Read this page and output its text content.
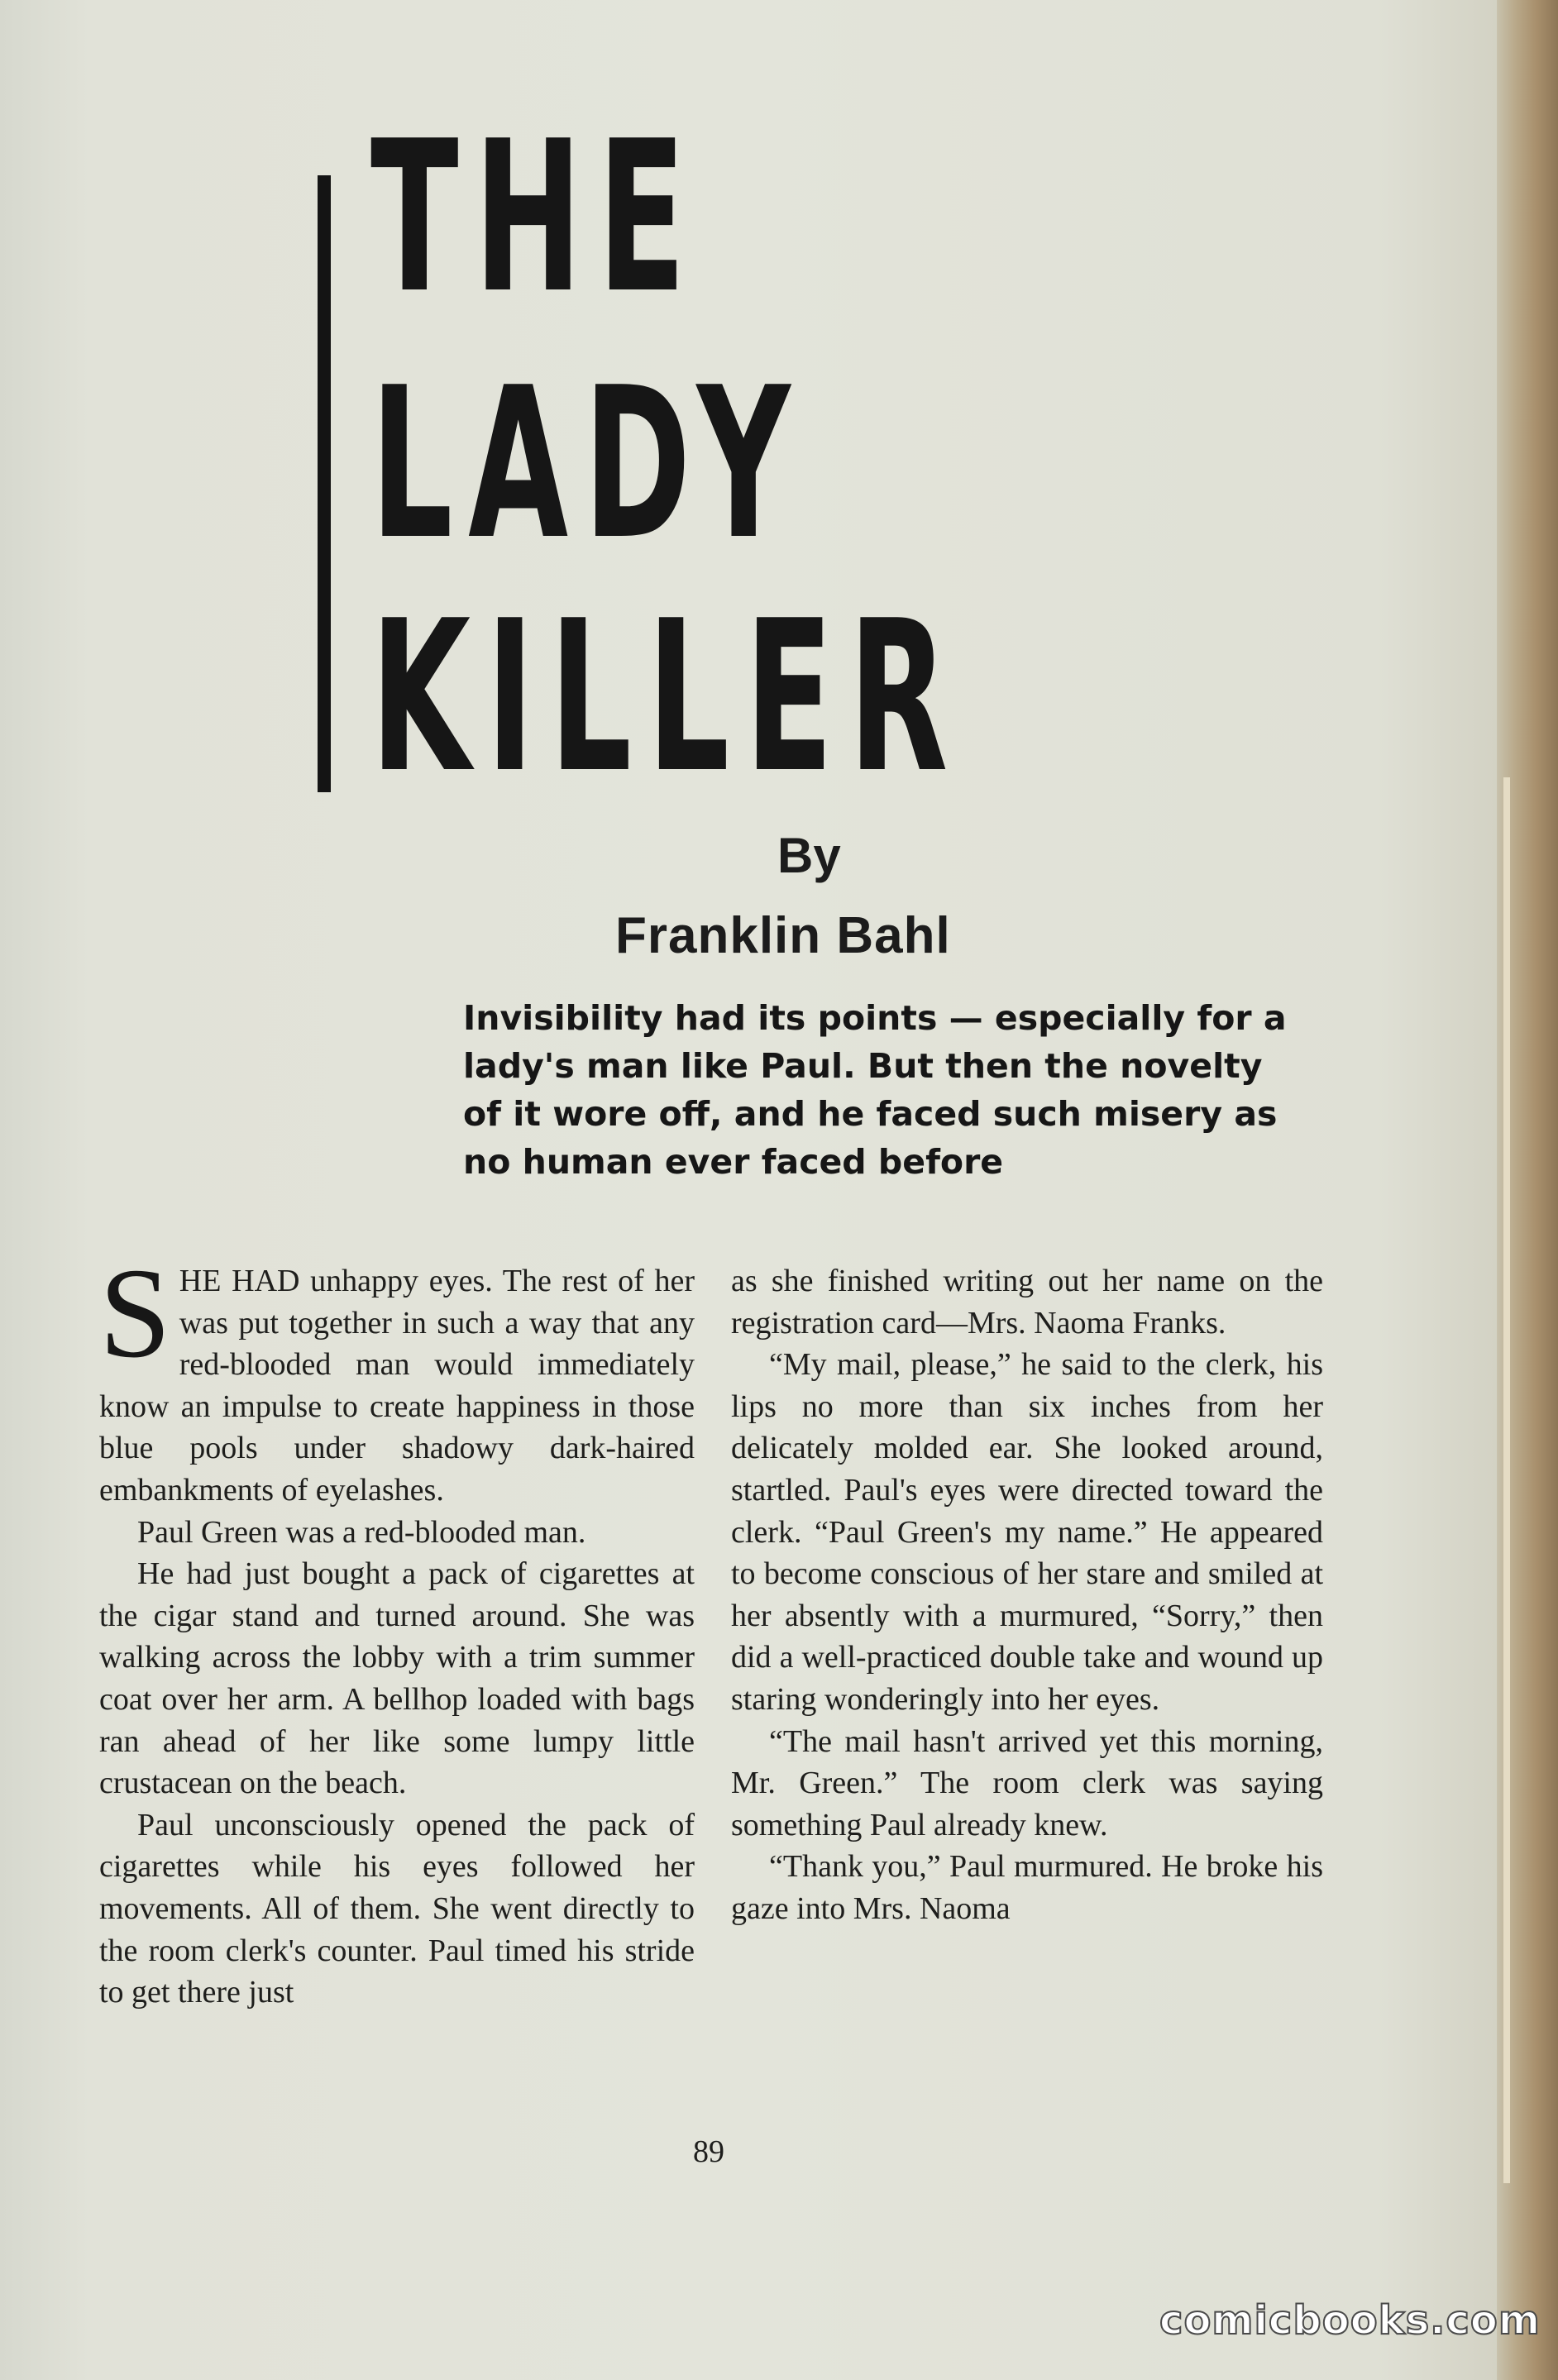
THE
LADY
KILLER
By
Franklin Bahl
Invisibility had its points — especially for a lady's man like Paul. But then the novelty of it wore off, and he faced such misery as no human ever faced before

SHE HAD unhappy eyes. The rest of her was put together in such a way that any red-blooded man would immediately know an impulse to create happiness in those blue pools under shadowy dark-haired embankments of eyelashes.

Paul Green was a red-blooded man.

He had just bought a pack of cigarettes at the cigar stand and turned around. She was walking across the lobby with a trim summer coat over her arm. A bellhop loaded with bags ran ahead of her like some lumpy little crustacean on the beach.

Paul unconsciously opened the pack of cigarettes while his eyes followed her movements. All of them. She went directly to the room clerk's counter. Paul timed his stride to get there just

as she finished writing out her name on the registration card—Mrs. Naoma Franks.

“My mail, please,” he said to the clerk, his lips no more than six inches from her delicately molded ear. She looked around, startled. Paul's eyes were directed toward the clerk. “Paul Green's my name.” He appeared to become conscious of her stare and smiled at her absently with a murmured, “Sorry,” then did a well-practiced double take and wound up staring wonderingly into her eyes.

“The mail hasn't arrived yet this morning, Mr. Green.” The room clerk was saying something Paul already knew.

“Thank you,” Paul murmured. He broke his gaze into Mrs. Naoma

89
comicbooks.com
